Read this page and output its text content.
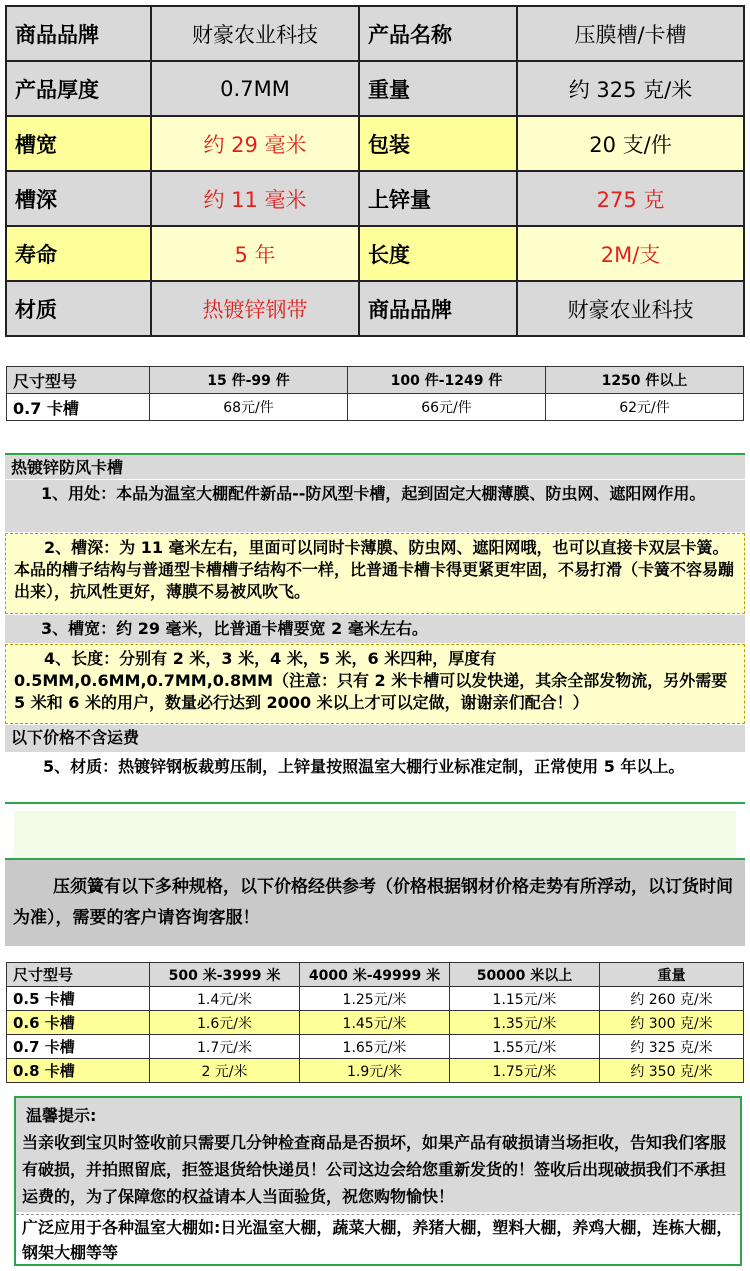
商品品牌	财豪农业科技	产品名称	压膜槽/卡槽
产品厚度	0.7MM	重量	约 325 克/米
槽宽	约 29 毫米	包装	20 支/件
槽深	约 11 毫米	上锌量	275 克
寿命	5 年	长度	2M/支
材质	热镀锌钢带	商品品牌	财豪农业科技
尺寸型号	15 件-99 件	100 件-1249 件	1250 件以上
0.7 卡槽	68元/件	66元/件	62元/件
热镀锌防风卡槽
1、用处：本品为温室大棚配件新品--防风型卡槽，起到固定大棚薄膜、防虫网、遮阳网作用。
2、槽深：为 11 毫米左右，里面可以同时卡薄膜、防虫网、遮阳网哦，也可以直接卡双层卡簧。本品的槽子结构与普通型卡槽槽子结构不一样，比普通卡槽卡得更紧更牢固，不易打滑（卡簧不容易蹦出来），抗风性更好，薄膜不易被风吹飞。
3、槽宽：约 29 毫米，比普通卡槽要宽 2 毫米左右。
4、长度：分别有 2 米，3 米，4 米，5 米，6 米四种，厚度有 0.5MM,0.6MM,0.7MM,0.8MM（注意：只有 2 米卡槽可以发快递，其余全部发物流，另外需要 5 米和 6 米的用户，数量必行达到 2000 米以上才可以定做，谢谢亲们配合！）
以下价格不含运费
5、材质：热镀锌钢板裁剪压制，上锌量按照温室大棚行业标准定制，正常使用 5 年以上。
压须簧有以下多种规格，以下价格经供参考（价格根据钢材价格走势有所浮动，以订货时间为准），需要的客户请咨询客服！
尺寸型号	500 米-3999 米	4000 米-49999 米	50000 米以上	重量
0.5 卡槽	1.4元/米	1.25元/米	1.15元/米	约 260 克/米
0.6 卡槽	1.6元/米	1.45元/米	1.35元/米	约 300 克/米
0.7 卡槽	1.7元/米	1.65元/米	1.55元/米	约 325 克/米
0.8 卡槽	2 元/米	1.9元/米	1.75元/米	约 350 克/米
温馨提示:
当亲收到宝贝时签收前只需要几分钟检查商品是否损坏，如果产品有破损请当场拒收，告知我们客服有破损，并拍照留底，拒签退货给快递员！公司这边会给您重新发货的！签收后出现破损我们不承担运费的，为了保障您的权益请本人当面验货，祝您购物愉快！
广泛应用于各种温室大棚如:日光温室大棚，蔬菜大棚，养猪大棚，塑料大棚，养鸡大棚，连栋大棚，钢架大棚等等
